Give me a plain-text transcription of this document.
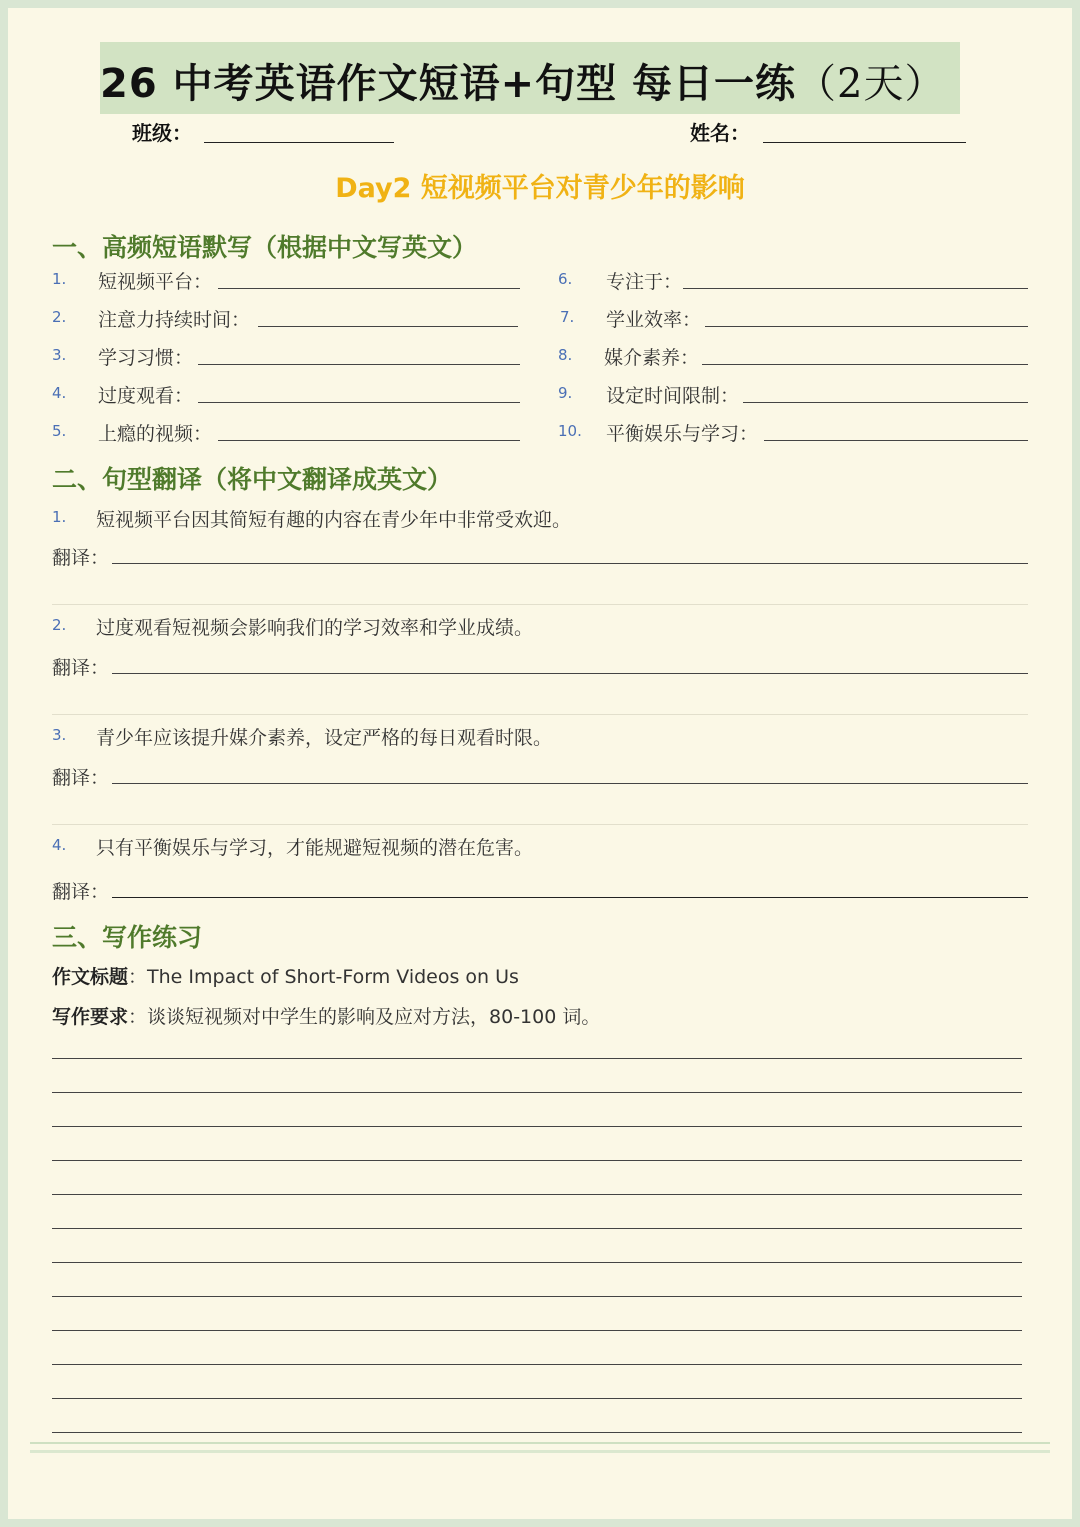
26 中考英语作文短语+句型 每日一练（2天）
班级：	姓名：
Day2 短视频平台对青少年的影响
一、高频短语默写（根据中文写英文）
1. 短视频平台：
2. 注意力持续时间：
3. 学习习惯：
4. 过度观看：
5. 上瘾的视频：
6. 专注于：
7. 学业效率：
8. 媒介素养：
9. 设定时间限制：
10. 平衡娱乐与学习：
二、句型翻译（将中文翻译成英文）
1. 短视频平台因其简短有趣的内容在青少年中非常受欢迎。
翻译：
2. 过度观看短视频会影响我们的学习效率和学业成绩。
翻译：
3. 青少年应该提升媒介素养，设定严格的每日观看时限。
翻译：
4. 只有平衡娱乐与学习，才能规避短视频的潜在危害。
翻译：
三、写作练习
作文标题：The Impact of Short-Form Videos on Us
写作要求：谈谈短视频对中学生的影响及应对方法，80-100 词。
